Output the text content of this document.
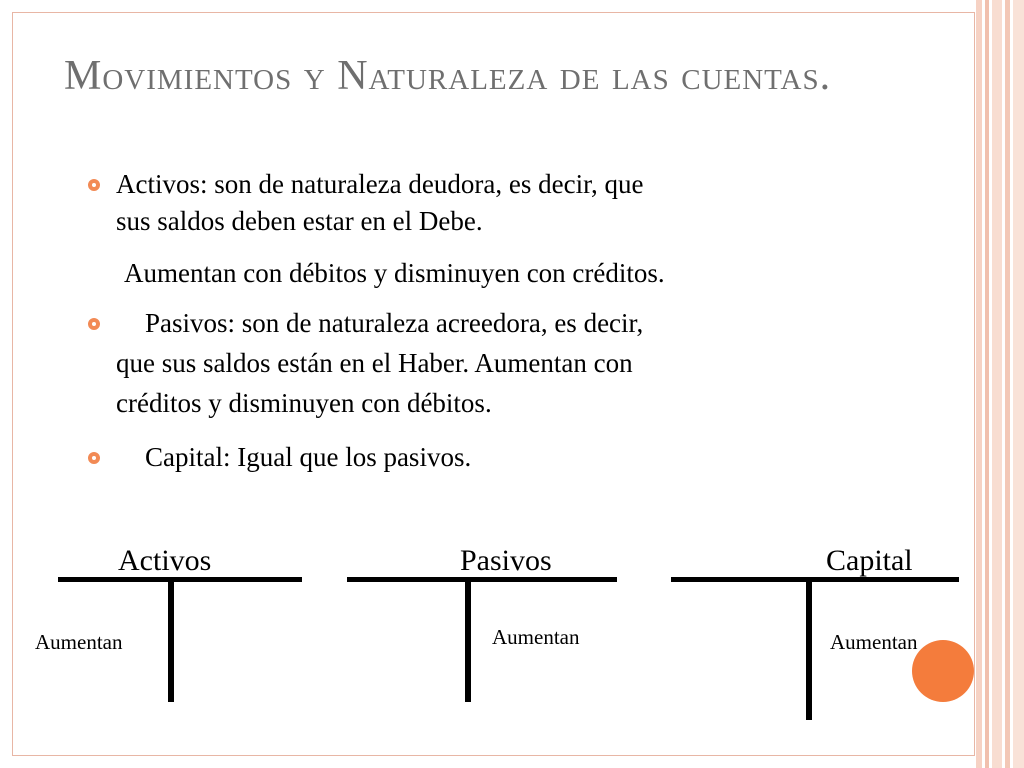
Movimientos y Naturaleza de las cuentas.
Activos: son de naturaleza deudora, es decir, que
sus saldos deben estar en el Debe.
Aumentan con débitos y disminuyen con créditos.
Pasivos: son de naturaleza acreedora, es decir,
que sus saldos están en el Haber. Aumentan con
créditos y disminuyen con débitos.
Capital: Igual que los pasivos.
Activos
Aumentan
Pasivos
Aumentan
Capital
Aumentan
